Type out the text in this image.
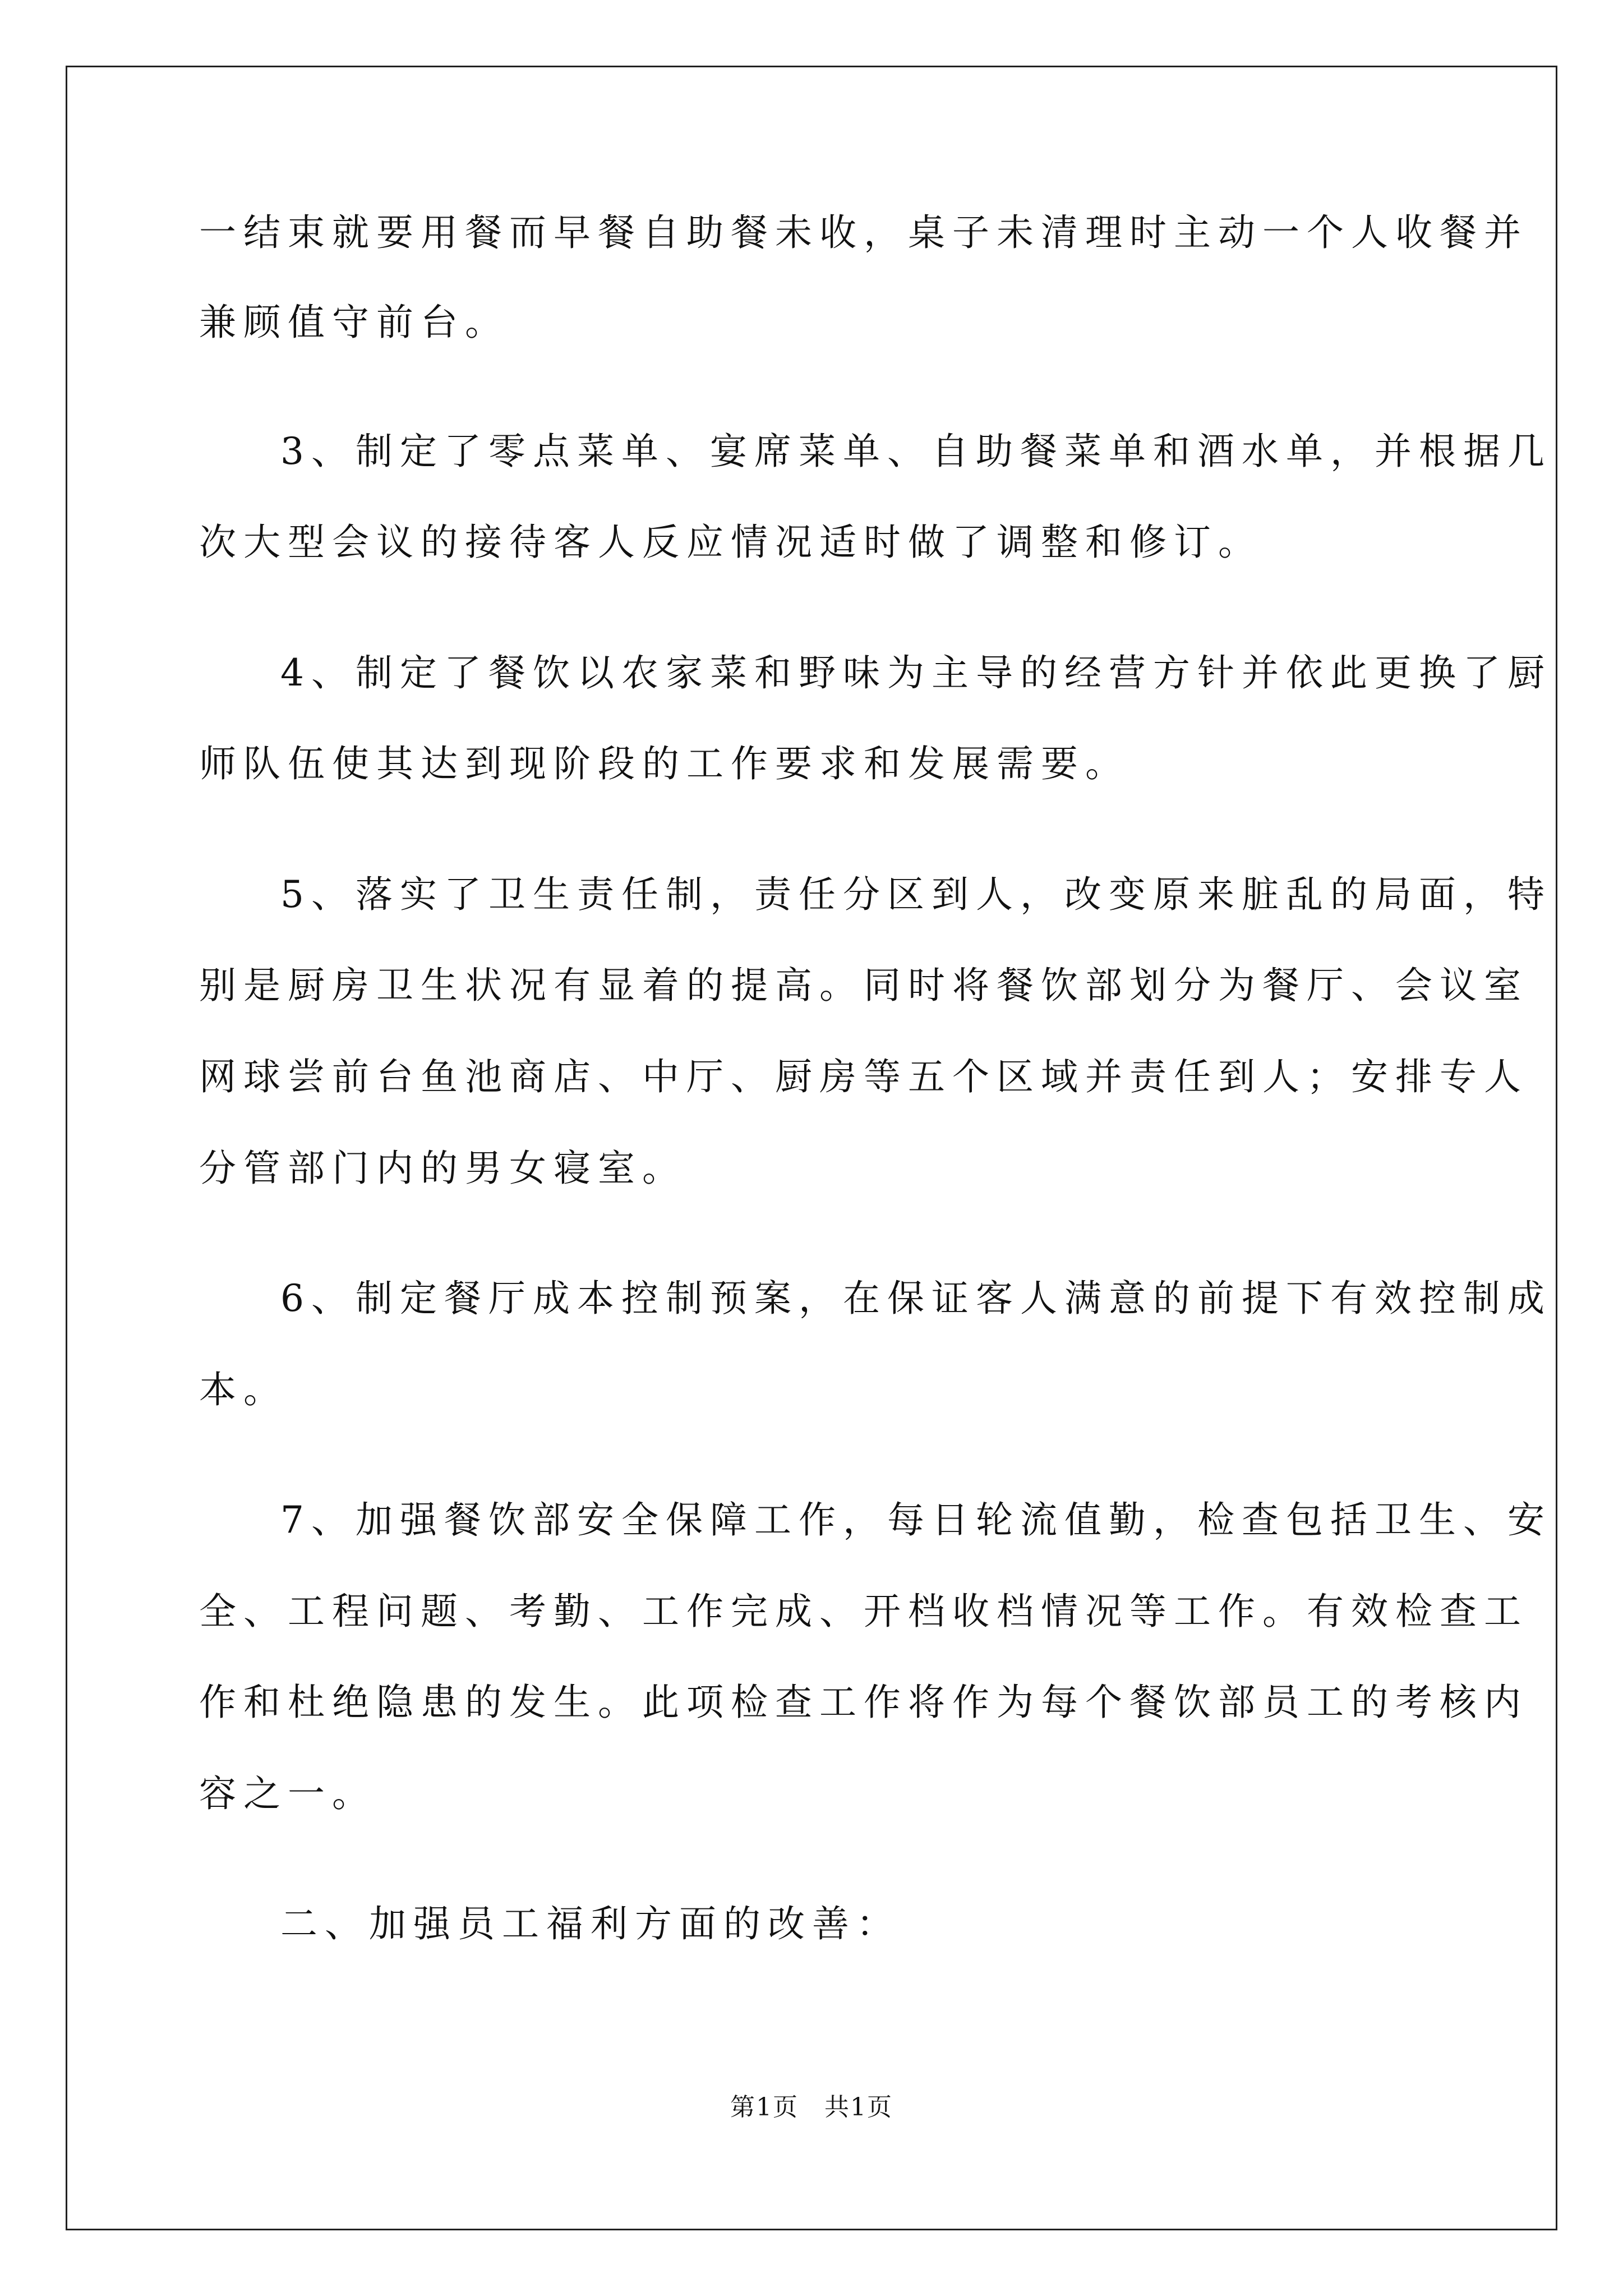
一结束就要用餐而早餐自助餐未收，桌子未清理时主动一个人收餐并
兼顾值守前台。
3、制定了零点菜单、宴席菜单、自助餐菜单和酒水单，并根据几
次大型会议的接待客人反应情况适时做了调整和修订。
4、制定了餐饮以农家菜和野味为主导的经营方针并依此更换了厨
师队伍使其达到现阶段的工作要求和发展需要。
5、落实了卫生责任制，责任分区到人，改变原来脏乱的局面，特
别是厨房卫生状况有显着的提高。同时将餐饮部划分为餐厅、会议室
网球尝前台鱼池商店、中厅、厨房等五个区域并责任到人；安排专人
分管部门内的男女寝室。
6、制定餐厅成本控制预案，在保证客人满意的前提下有效控制成
本。
7、加强餐饮部安全保障工作，每日轮流值勤，检查包括卫生、安
全、工程问题、考勤、工作完成、开档收档情况等工作。有效检查工
作和杜绝隐患的发生。此项检查工作将作为每个餐饮部员工的考核内
容之一。
二、加强员工福利方面的改善：
第1页　共1页
